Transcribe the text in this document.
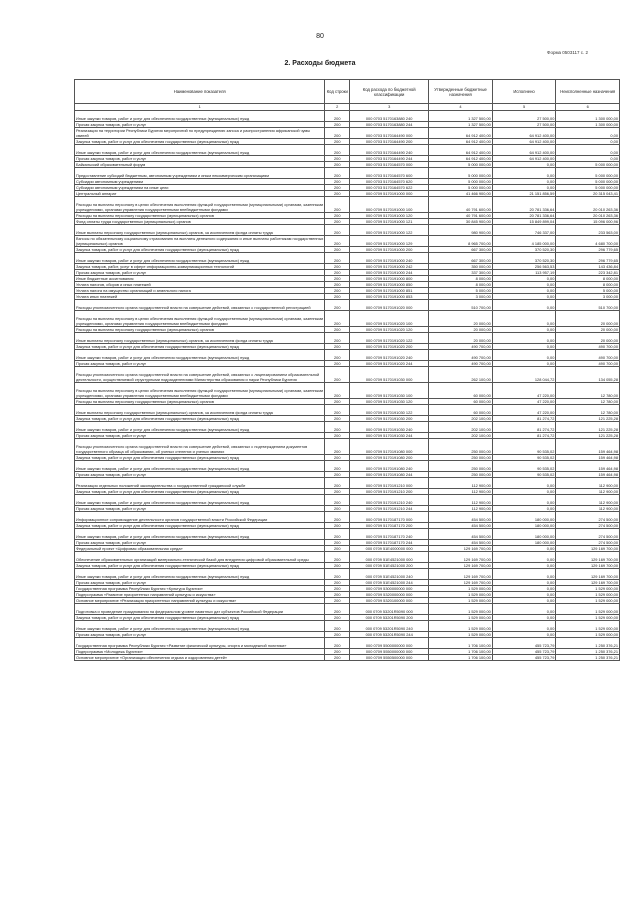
80
Форма 0503117 с. 2
2. Расходы бюджета
Наименование показателя	Код строки	Код расхода по бюджетной классификации	Утвержденные бюджетные назначения	Исполнено	Неисполненные назначения
1	2	3	4	5	6
Иные закупки товаров, работ и услуг для обеспечения государственных (муниципальных) нужд	200	000 0703 5170163880 240	1 327 500,00	27 500,00	1 300 000,00
Прочая закупка товаров, работ и услуг	200	000 0703 5170163880 244	1 327 500,00	27 500,00	1 300 000,00
Реализация на территории Республики Бурятия мероприятий по предупреждению заноса и распространения африканской чумы свиней	200	000 0703 5170164490 000	64 912 400,00	64 912 400,00	0,00
Закупка товаров, работ и услуг для обеспечения государственных (муниципальных) нужд	200	000 0703 5170164490 200	64 912 400,00	64 912 400,00	0,00
Иные закупки товаров, работ и услуг для обеспечения государственных (муниципальных) нужд	200	000 0703 5170164490 240	64 912 400,00	64 912 400,00	0,00
Прочая закупка товаров, работ и услуг	200	000 0703 5170164490 244	64 912 400,00	64 912 400,00	0,00
Байкальский образовательный форум	200	000 0703 5170164570 000	5 000 000,00	0,00	5 000 000,00
Предоставление субсидий бюджетным, автономным учреждениям и иным некоммерческим организациям	200	000 0703 5170164570 600	5 000 000,00	0,00	5 000 000,00
Субсидии автономным учреждениям	200	000 0703 5170164570 620	5 000 000,00	0,00	5 000 000,00
Субсидии автономным учреждениям на иные цели	200	000 0703 5170164570 622	5 000 000,00	0,00	5 000 000,00
Центральный аппарат	200	000 0709 5170191000 000	41 466 900,00	21 151 856,59	20 315 043,41
Расходы на выплаты персоналу в целях обеспечения выполнения функций государственными (муниципальными) органами, казенными учреждениями, органами управления государственными внебюджетными фондами	200	000 0709 5170191000 100	40 791 600,00	20 781 336,64	20 010 263,36
Расходы на выплаты персоналу государственных (муниципальных) органов	200	000 0709 5170191000 120	40 791 600,00	20 781 336,64	20 010 263,36
Фонд оплаты труда государственных (муниципальных) органов	200	000 0709 5170191000 121	30 845 900,00	15 849 899,04	15 096 000,96
Иные выплаты персоналу государственных (муниципальных) органов, за исключением фонда оплаты труда	200	000 0709 5170191000 122	980 900,00	746 337,00	233 563,00
Взносы по обязательному социальному страхованию на выплаты денежного содержания и иные выплаты работникам государственных (муниципальных) органов	200	000 0709 5170191000 129	8 965 700,00	4 185 000,00	4 680 700,00
Закупка товаров, работ и услуг для обеспечения государственных (муниципальных) нужд	200	000 0709 5170191000 200	667 300,00	370 520,30	296 779,65
Иные закупки товаров, работ и услуг для обеспечения государственных (муниципальных) нужд	200	000 0709 5170191000 240	667 300,00	370 520,30	296 779,65
Закупка товаров, работ, услуг в сфере информационно-коммуникационных технологий	200	000 0709 5170191000 242	350 000,00	256 563,53	143 436,84
Прочая закупка товаров, работ и услуг	200	000 0709 5170191000 244	337 300,00	113 957,19	223 342,81
Иные бюджетные ассигнования	200	000 0709 5170191000 800	8 000,00	0,00	8 000,00
Уплата налогов, сборов и иных платежей	200	000 0709 5170191000 850	8 000,00	0,00	8 000,00
Уплата налога на имущество организаций и земельного налога	200	000 0709 5170191000 851	5 000,00	0,00	5 000,00
Уплата иных платежей	200	000 0709 5170191000 853	3 000,00	0,00	3 000,00
Расходы уполномоченного органа государственной власти на совершение действий, связанных с государственной регистрацией	200	000 0709 5170191020 000	510 700,00	0,00	510 700,00
Расходы на выплаты персоналу в целях обеспечения выполнения функций государственными (муниципальными) органами, казенными учреждениями, органами управления государственными внебюджетными фондами	200	000 0709 5170191020 100	20 000,00	0,00	20 000,00
Расходы на выплаты персоналу государственных (муниципальных) органов	200	000 0709 5170191020 120	20 000,00	0,00	20 000,00
Иные выплаты персоналу государственных (муниципальных) органов, за исключением фонда оплаты труда	200	000 0709 5170191020 122	20 000,00	0,00	20 000,00
Закупка товаров, работ и услуг для обеспечения государственных (муниципальных) нужд	200	000 0709 5170191020 200	490 700,00	0,00	490 700,00
Иные закупки товаров, работ и услуг для обеспечения государственных (муниципальных) нужд	200	000 0709 5170191020 240	490 700,00	0,00	490 700,00
Прочая закупка товаров, работ и услуг	200	000 0709 5170191020 244	490 700,00	0,00	490 700,00
Расходы уполномоченного органа государственной власти на совершение действий, связанных с лицензированием образовательной деятельности, осуществляемой структурными подразделениями Министерства образования и науки Республики Бурятия	200	000 0709 5170191030 000	262 100,00	128 044,72	134 055,28
Расходы на выплаты персоналу в целях обеспечения выполнения функций государственными (муниципальными) органами, казенными учреждениями, органами управления государственными внебюджетными фондами	200	000 0709 5170191030 100	60 000,00	47 220,00	12 780,00
Расходы на выплаты персоналу государственных (муниципальных) органов	200	000 0709 5170191030 120	60 000,00	47 220,00	12 780,00
Иные выплаты персоналу государственных (муниципальных) органов, за исключением фонда оплаты труда	200	000 0709 5170191030 122	60 000,00	47 220,00	12 780,00
Закупка товаров, работ и услуг для обеспечения государственных (муниципальных) нужд	200	000 0709 5170191030 200	202 100,00	81 274,72	121 225,28
Иные закупки товаров, работ и услуг для обеспечения государственных (муниципальных) нужд	200	000 0709 5170191030 240	202 100,00	81 274,72	121 225,28
Прочая закупка товаров, работ и услуг	200	000 0709 5170191030 244	202 100,00	81 274,72	121 225,28
Расходы уполномоченного органа государственной власти на совершение действий, связанных с подтверждением документов государственного образца об образовании, об ученых степенях и ученых званиях	200	000 0709 5170191080 000	250 000,00	90 535,02	159 464,98
Закупка товаров, работ и услуг для обеспечения государственных (муниципальных) нужд	200	000 0709 5170191080 200	250 000,00	90 535,02	159 464,98
Иные закупки товаров, работ и услуг для обеспечения государственных (муниципальных) нужд	200	000 0709 5170191080 240	250 000,00	90 535,02	159 464,98
Прочая закупка товаров, работ и услуг	200	000 0709 5170191080 244	250 000,00	90 535,02	159 464,98
Реализация отдельных положений законодательства о государственной гражданской службе	200	000 0709 5170191210 000	112 900,00	0,00	112 900,00
Закупка товаров, работ и услуг для обеспечения государственных (муниципальных) нужд	200	000 0709 5170191210 200	112 900,00	0,00	112 900,00
Иные закупки товаров, работ и услуг для обеспечения государственных (муниципальных) нужд	200	000 0709 5170191210 240	112 900,00	0,00	112 900,00
Прочая закупка товаров, работ и услуг	200	000 0709 5170191210 244	112 900,00	0,00	112 900,00
Информационное сопровождение деятельности органов государственной власти Российской Федерации	200	000 0709 5170187170 000	454 500,00	180 000,00	274 500,00
Закупка товаров, работ и услуг для обеспечения государственных (муниципальных) нужд	200	000 0709 5170187170 200	454 500,00	180 000,00	274 500,00
Иные закупки товаров, работ и услуг для обеспечения государственных (муниципальных) нужд	200	000 0709 5170187170 240	454 500,00	180 000,00	274 500,00
Прочая закупка товаров, работ и услуг	200	000 0709 5170187170 244	454 500,00	180 000,00	274 500,00
Федеральный проект «Цифровая образовательная среда»	200	000 0709 51Е4000000 000	129 169 700,00	0,00	129 169 700,00
Обеспечение образовательных организаций материально-технической базой для внедрения цифровой образовательной среды	200	000 0709 51Е4521000 000	129 169 700,00	0,00	129 169 700,00
Закупка товаров, работ и услуг для обеспечения государственных (муниципальных) нужд	200	000 0709 51Е4521000 200	129 169 700,00	0,00	129 169 700,00
Иные закупки товаров, работ и услуг для обеспечения государственных (муниципальных) нужд	200	000 0709 51Е4521000 240	129 169 700,00	0,00	129 169 700,00
Прочая закупка товаров, работ и услуг	200	000 0709 51Е4521000 244	129 169 700,00	0,00	129 169 700,00
Государственная программа Республики Бурятия «Культура Бурятии»	200	000 0709 5300000000 000	1 529 000,00	0,00	1 529 000,00
Подпрограмма «Развитие приоритетных направлений культуры и искусства»	200	000 0709 5320000000 000	1 529 000,00	0,00	1 529 000,00
Основное мероприятие «Реализация приоритетных направлений культуры и искусства»	200	000 0709 5320100000 000	1 529 000,00	0,00	1 529 000,00
Подготовка и проведение празднования на федеральном уровне памятных дат субъектов Российской Федерации	200	000 0709 53201R5090 000	1 529 000,00	0,00	1 529 000,00
Закупка товаров, работ и услуг для обеспечения государственных (муниципальных) нужд	200	000 0709 53201R5090 200	1 529 000,00	0,00	1 529 000,00
Иные закупки товаров, работ и услуг для обеспечения государственных (муниципальных) нужд	200	000 0709 53201R5090 240	1 529 000,00	0,00	1 529 000,00
Прочая закупка товаров, работ и услуг	200	000 0709 53201R5090 244	1 529 000,00	0,00	1 529 000,00
Государственная программа Республики Бурятия «Развитие физической культуры, спорта и молодежной политики»	200	000 0709 5500000000 000	1 706 100,00	455 723,79	1 250 376,21
Подпрограмма «Молодежь Бурятии»	200	000 0709 5550000000 000	1 706 100,00	455 723,79	1 250 376,21
Основное мероприятие «Организация обеспечения отдыха и оздоровления детей»	200	000 0709 5550500000 000	1 706 100,00	455 723,79	1 250 376,21
